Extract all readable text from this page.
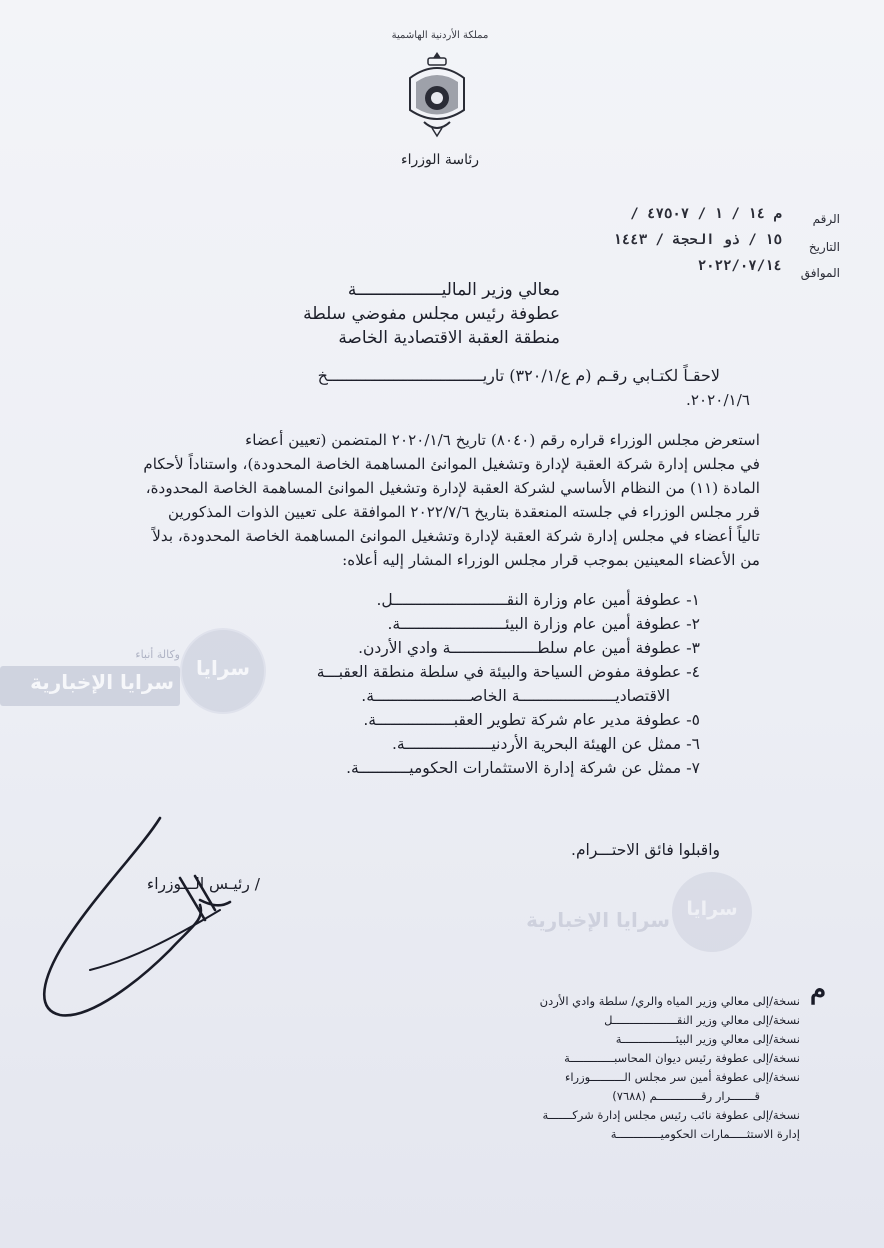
مملكة الأردنية الهاشمية
رئاسة الوزراء
الرقم
م ١٤ / ١ / ٤٧٥٠٧ /
التاريخ
١٥ / ذو الحجة / ١٤٤٣
الموافق
٢٠٢٢/٠٧/١٤
معالي وزير الماليـــــــــــــــــة
عطوفة رئيس مجلس مفوضي سلطة
منطقة العقبة الاقتصادية الخاصة
لاحقـاً لكتـابي رقـم (م ع/٣٢٠/١) تاريـــــــــــــــــــــــــــــــــخ
٢٠٢٠/١/٦.
استعرض مجلس الوزراء قراره رقم (٨٠٤٠) تاريخ ٢٠٢٠/١/٦ المتضمن (تعيين أعضاء
في مجلس إدارة شركة العقبة لإدارة وتشغيل الموانئ المساهمة الخاصة المحدودة)، واستناداً لأحكام
المادة (١١) من النظام الأساسي لشركة العقبة لإدارة وتشغيل الموانئ المساهمة الخاصة المحدودة،
قرر مجلس الوزراء في جلسته المنعقدة بتاريخ ٢٠٢٢/٧/٦ الموافقة على تعيين الذوات المذكورين
تالياً أعضاء في مجلس إدارة شركة العقبة لإدارة وتشغيل الموانئ المساهمة الخاصة المحدودة، بدلاً
من الأعضاء المعينين بموجب قرار مجلس الوزراء المشار إليه أعلاه:
١- عطوفة أمين عام وزارة النقـــــــــــــــــــــــــل.
٢- عطوفة أمين عام وزارة البيئـــــــــــــــــــــــة.
٣- عطوفة أمين عام سلطـــــــــــــــــــة وادي الأردن.
٤- عطوفة مفوض السياحة والبيئة في سلطة منطقة العقبـــة
الاقتصاديـــــــــــــــــــــة الخاصـــــــــــــــــــــة.
٥- عطوفة مدير عام شركة تطوير العقبـــــــــــــــــة.
٦- ممثل عن الهيئة البحرية الأردنيـــــــــــــــــــة.
٧- ممثل عن شركة إدارة الاستثمارات الحكوميـــــــــــة.
واقبلوا فائق الاحتـــرام.
/ رئيـس الـــوزراء
م
نسخة/إلى معالي وزير المياه والري/ سلطة وادي الأردن
نسخة/إلى معالي وزير النقـــــــــــــــــــل
نسخة/إلى معالي وزير البيئــــــــــــــــة
نسخة/إلى عطوفة رئيس ديوان المحاسبـــــــــــــة
نسخة/إلى عطوفة أمين سر مجلس الــــــــــوزراء
قـــــــرار رقـــــــــــــم (٧٦٨٨)
نسخة/إلى عطوفة نائب رئيس مجلس إدارة شركـــــــة
إدارة الاستثـــــمارات الحكوميـــــــــــــة
سرايا الإخبارية
وكالة أنباء
سرايا
سرايا الإخبارية سرايا
